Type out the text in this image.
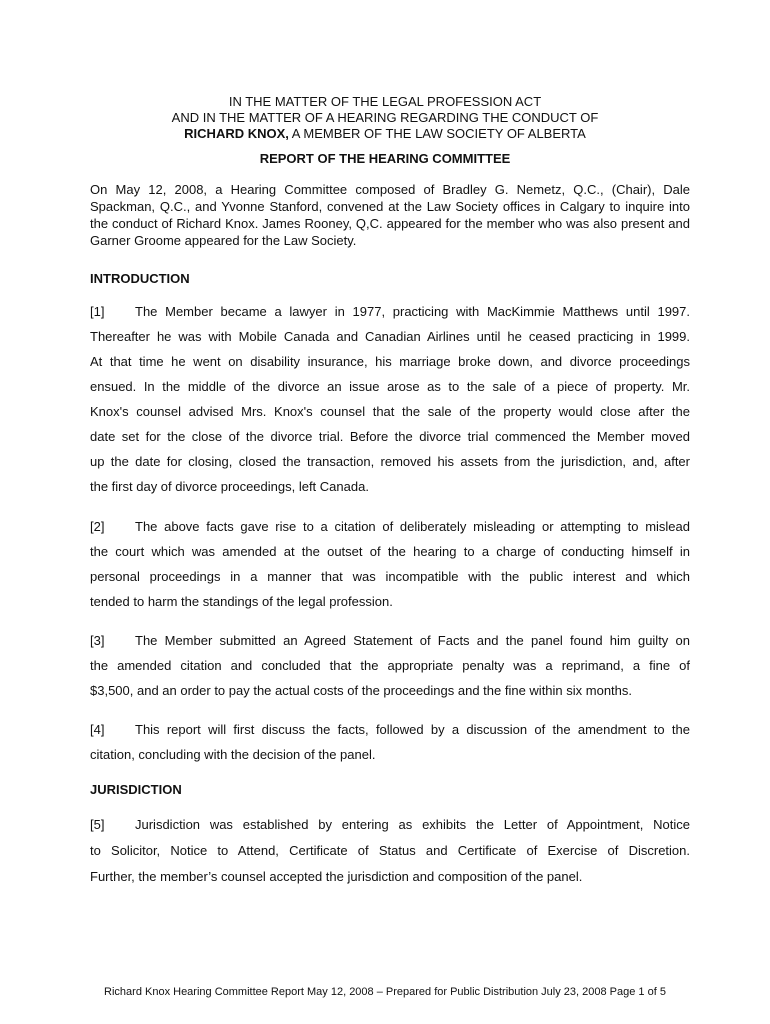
IN THE MATTER OF THE LEGAL PROFESSION ACT
AND IN THE MATTER OF A HEARING REGARDING THE CONDUCT OF
RICHARD KNOX, A MEMBER OF THE LAW SOCIETY OF ALBERTA
REPORT OF THE HEARING COMMITTEE
On May 12, 2008, a Hearing Committee composed of Bradley G. Nemetz, Q.C., (Chair), Dale Spackman, Q.C., and Yvonne Stanford, convened at the Law Society offices in Calgary to inquire into the conduct of Richard Knox. James Rooney, Q,C. appeared for the member who was also present and Garner Groome appeared for the Law Society.
INTRODUCTION
[1] The Member became a lawyer in 1977, practicing with MacKimmie Matthews until 1997.
Thereafter he was with Mobile Canada and Canadian Airlines until he ceased practicing in 1999.
At that time he went on disability insurance, his marriage broke down, and divorce proceedings
ensued. In the middle of the divorce an issue arose as to the sale of a piece of property. Mr.
Knox's counsel advised Mrs. Knox's counsel that the sale of the property would close after the
date set for the close of the divorce trial. Before the divorce trial commenced the Member moved
up the date for closing, closed the transaction, removed his assets from the jurisdiction, and, after
the first day of divorce proceedings, left Canada.
[2] The above facts gave rise to a citation of deliberately misleading or attempting to mislead
the court which was amended at the outset of the hearing to a charge of conducting himself in
personal proceedings in a manner that was incompatible with the public interest and which
tended to harm the standings of the legal profession.
[3] The Member submitted an Agreed Statement of Facts and the panel found him guilty on
the amended citation and concluded that the appropriate penalty was a reprimand, a fine of
$3,500, and an order to pay the actual costs of the proceedings and the fine within six months.
[4] This report will first discuss the facts, followed by a discussion of the amendment to the
citation, concluding with the decision of the panel.
JURISDICTION
[5] Jurisdiction was established by entering as exhibits the Letter of Appointment, Notice
to Solicitor, Notice to Attend, Certificate of Status and Certificate of Exercise of Discretion.
Further, the member’s counsel accepted the jurisdiction and composition of the panel.
Richard Knox Hearing Committee Report May 12, 2008 – Prepared for Public Distribution July 23, 2008 Page 1 of 5
